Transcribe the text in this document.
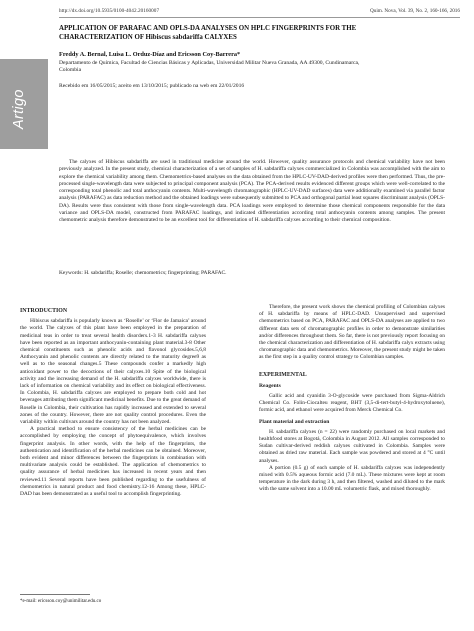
http://dx.doi.org/10.5935/0100-4042.20160007	Quim. Nova, Vol. 39, No. 2, 160-166, 2016
Artigo
APPLICATION OF PARAFAC AND OPLS-DA ANALYSES ON HPLC FINGERPRINTS FOR THE
CHARACTERIZATION OF Hibiscus sabdariffa CALYXES
Freddy A. Bernal, Luisa L. Orduz-Díaz and Ericsson Coy-Barrera*
Departamento de Química, Facultad de Ciencias Básicas y Aplicadas, Universidad Militar Nueva Granada, AA 49300, Cundinamarca,
Colombia
Recebido em 16/05/2015; aceito em 13/10/2015; publicado na web em 22/01/2016

The calyxes of Hibiscus sabdariffa are used in traditional medicine around the world. However, quality assurance protocols and chemical variability have not been previously analyzed. In the present study, chemical characterization of a set of samples of H. sabdariffa calyxes commercialized in Colombia was accomplished with the aim to explore the chemical variability among them. Chemometrics-based analyses on the data obtained from the HPLC-UV-DAD-derived profiles were then performed. Thus, the pre-processed single-wavelength data were subjected to principal component analysis (PCA). The PCA-derived results evidenced different groups which were well-correlated to the corresponding total phenolic and total anthocyanin contents. Multi-wavelength chromatographic (HPLC-UV-DAD surfaces) data were additionally examined via parallel factor analysis (PARAFAC) as data reduction method and the obtained loadings were subsequently submitted to PCA and orthogonal partial least squares discriminant analysis (OPLS-DA). Results were thus consistent with those from single-wavelength data. PCA loadings were employed to determine those chemical components responsible for the data variance and OPLS-DA model, constructed from PARAFAC loadings, and indicated differentiation according total anthocyanin contents among samples. The present chemometric analysis therefore demonstrated to be an excellent tool for differentiation of H. sabdariffa calyxes according to their chemical composition.

Keywords: H. sabdariffa; Roselle; chemometrics; fingerprinting; PARAFAC.
INTRODUCTION

Hibiscus sabdariffa is popularly known as ‘Roselle’ or ‘Flor de Jamaica’ around the world. The calyxes of this plant have been employed in the preparation of medicinal teas in order to treat several health disorders.1-3 H. sabdariffa calyxes have been reported as an important anthocyanin-containing plant material.3-8 Other chemical constituents such as phenolic acids and flavonol glycosides.5,6,8 Anthocyanin and phenolic contents are directly related to the maturity degree9 as well as to the seasonal changes.5 These compounds confer a markedly high antioxidant power to the decoctions of their calyxes.10 Spite of the biological activity and the increasing demand of the H. sabdariffa calyxes worldwide, there is lack of information on chemical variability and its effect on biological effectiveness. In Colombia, H. sabdariffa calyxes are employed to prepare both cold and hot beverages attributing them significant medicinal benefits. Due to the great demand of Roselle in Colombia, their cultivation has rapidly increased and extended to several zones of the country. However, there are not quality control procedures. Even the variability within cultivars around the country has not been analyzed.

A practical method to ensure consistency of the herbal medicines can be accomplished by employing the concept of phytoequivalence, which involves fingerprint analysis. In other words, with the help of the fingerprints, the authentication and identification of the herbal medicines can be obtained. Moreover, both evident and minor differences between the fingerprints in combination with multivariate analysis could be established. The application of chemometrics to quality assurance of herbal medicines has increased in recent years and then reviewed.11 Several reports have been published regarding to the usefulness of chemometrics in natural product and food chemistry.12-16 Among these, HPLC-DAD has been demonstrated as a useful tool to accomplish fingerprinting.

Therefore, the present work shows the chemical profiling of Colombian calyxes of H. sabdariffa by means of HPLC-DAD. Unsupervised and supervised chemometrics based on PCA, PARAFAC and OPLS-DA analyses are applied to two different data sets of chromatographic profiles in order to demonstrate similarities and/or differences throughout them. So far, there is not previously report focusing on the chemical characterization and differentiation of H. sabdariffa calyx extracts using chromatographic data and chemometrics. Moreover, the present study might be taken as the first step in a quality control strategy to Colombian samples.

EXPERIMENTAL
Reagents

Gallic acid and cyanidin 3-O-glycoside were purchased from Sigma-Aldrich Chemical Co. Folin-Ciocalteu reagent, BHT (3,5-di-tert-butyl-4-hydroxytoluene), formic acid, and ethanol were acquired from Merck Chemical Co.

Plant material and extraction

H. sabdariffa calyxes (n = 22) were randomly purchased on local markets and healthfood stores at Bogotá, Colombia in August 2012. All samples corresponded to Sudan cultivar-derived reddish calyxes cultivated in Colombia. Samples were obtained as dried raw material. Each sample was powdered and stored at 4 °C until analyses.

A portion (0.5 g) of each sample of H. sabdariffa calyxes was independently mixed with 0.5% aqueous formic acid (7.0 mL). These mixtures were kept at room temperature in the dark during 3 h, and then filtered, washed and diluted to the mark with the same solvent into a 10.00 mL volumetric flask, and mixed thoroughly.

*e-mail: ericsson.coy@unimilitar.edu.co
